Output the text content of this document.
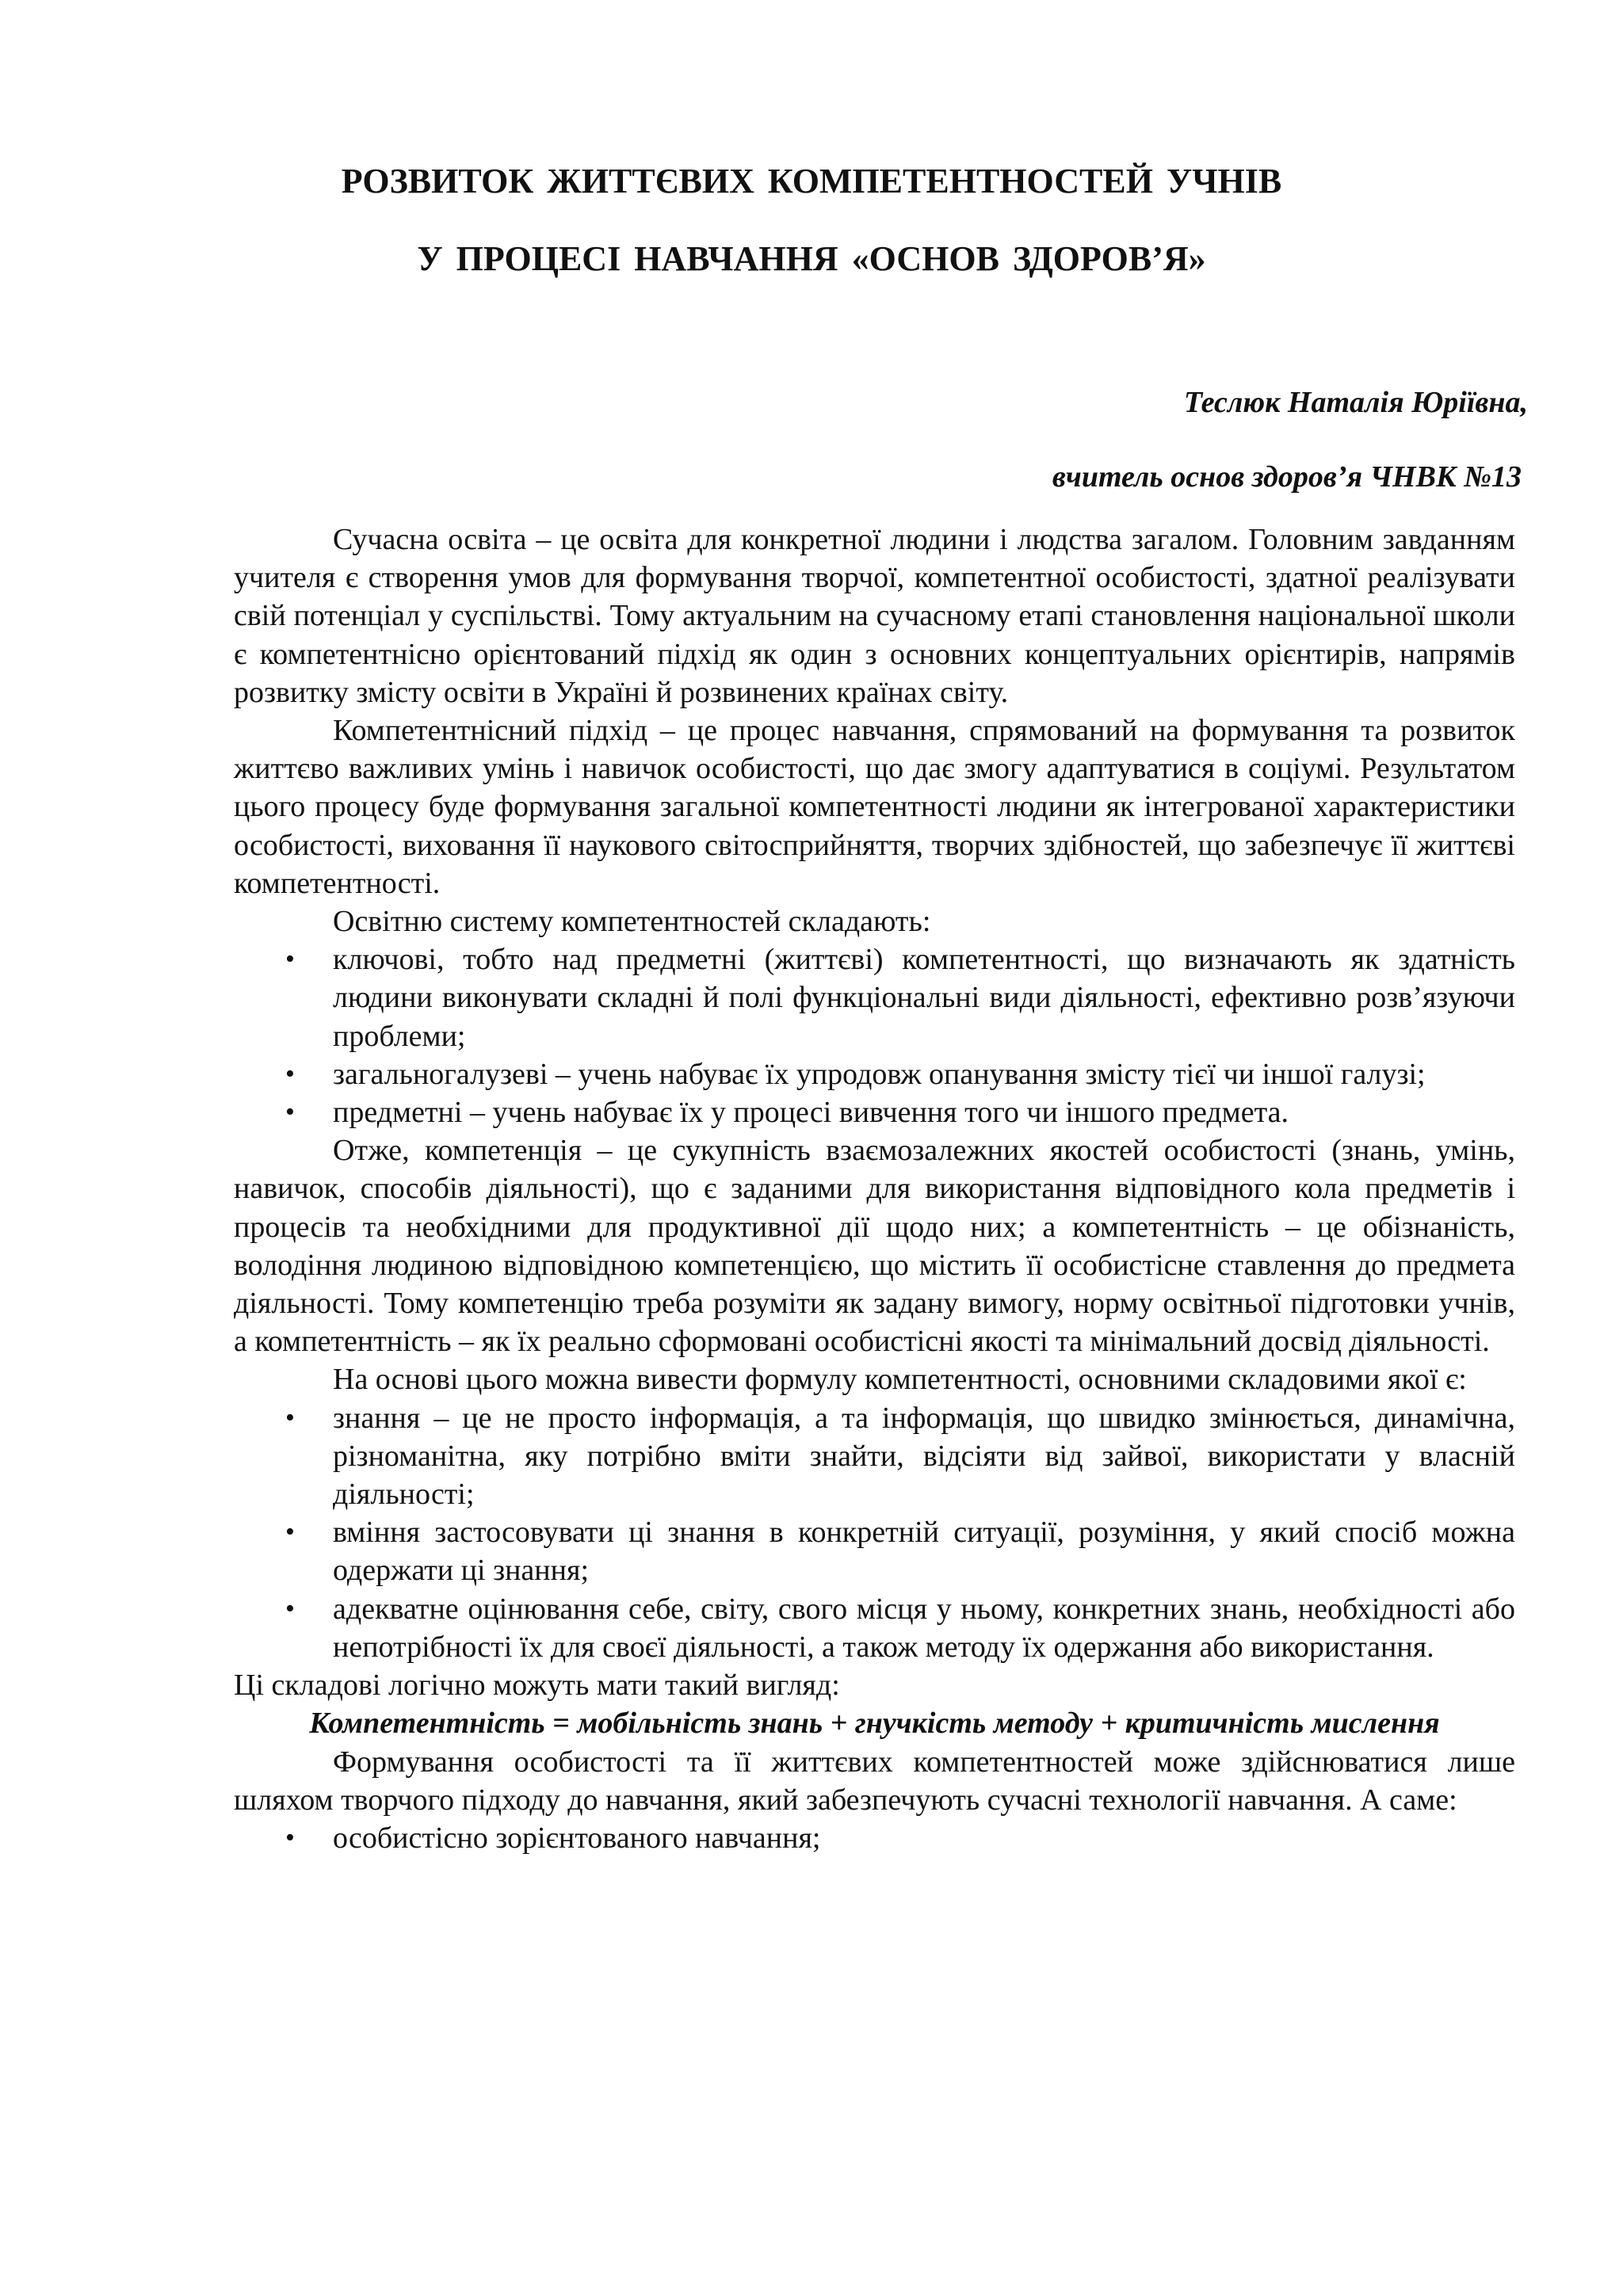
РОЗВИТОК ЖИТТЄВИХ КОМПЕТЕНТНОСТЕЙ УЧНІВ
У ПРОЦЕСІ НАВЧАННЯ «ОСНОВ ЗДОРОВ’Я»
Теслюк Наталія Юріївна,
вчитель основ здоров’я ЧНВК №13

Сучасна освіта – це освіта для конкретної людини і людства загалом. Головним завданням учителя є створення умов для формування творчої, компетентної особистості, здатної реалізувати свій потенціал у суспільстві. Тому актуальним на сучасному етапі становлення національної школи є компетентнісно орієнтований підхід як один з основних концептуальних орієнтирів, напрямів розвитку змісту освіти в Україні й розвинених країнах світу.

Компетентнісний підхід – це процес навчання, спрямований на формування та розвиток життєво важливих умінь і навичок особистості, що дає змогу адаптуватися в соціумі. Результатом цього процесу буде формування загальної компетентності людини як інтегрованої характеристики особистості, виховання її наукового світосприйняття, творчих здібностей, що забезпечує її життєві компетентності.

Освітню систему компетентностей складають:

• ключові, тобто над предметні (життєві) компетентності, що визначають як здатність людини виконувати складні й полі функціональні види діяльності, ефективно розв’язуючи проблеми;
• загальногалузеві – учень набуває їх упродовж опанування змісту тієї чи іншої галузі;
• предметні – учень набуває їх у процесі вивчення того чи іншого предмета.

Отже, компетенція – це сукупність взаємозалежних якостей особистості (знань, умінь, навичок, способів діяльності), що є заданими для використання відповідного кола предметів і процесів та необхідними для продуктивної дії щодо них; а компетентність – це обізнаність, володіння людиною відповідною компетенцією, що містить її особистісне ставлення до предмета діяльності. Тому компетенцію треба розуміти як задану вимогу, норму освітньої підготовки учнів, а компетентність – як їх реально сформовані особистісні якості та мінімальний досвід діяльності.

На основі цього можна вивести формулу компетентності, основними складовими якої є:

• знання – це не просто інформація, а та інформація, що швидко змінюється, динамічна, різноманітна, яку потрібно вміти знайти, відсіяти від зайвої, використати у власній діяльності;
• вміння застосовувати ці знання в конкретній ситуації, розуміння, у який спосіб можна одержати ці знання;
• адекватне оцінювання себе, світу, свого місця у ньому, конкретних знань, необхідності або непотрібності їх для своєї діяльності, а також методу їх одержання або використання.

Ці складові логічно можуть мати такий вигляд:

Компетентність = мобільність знань + гнучкість методу + критичність мислення

Формування особистості та її життєвих компетентностей може здійснюватися лише шляхом творчого підходу до навчання, який забезпечують сучасні технології навчання. А саме:

• особистісно зорієнтованого навчання;
